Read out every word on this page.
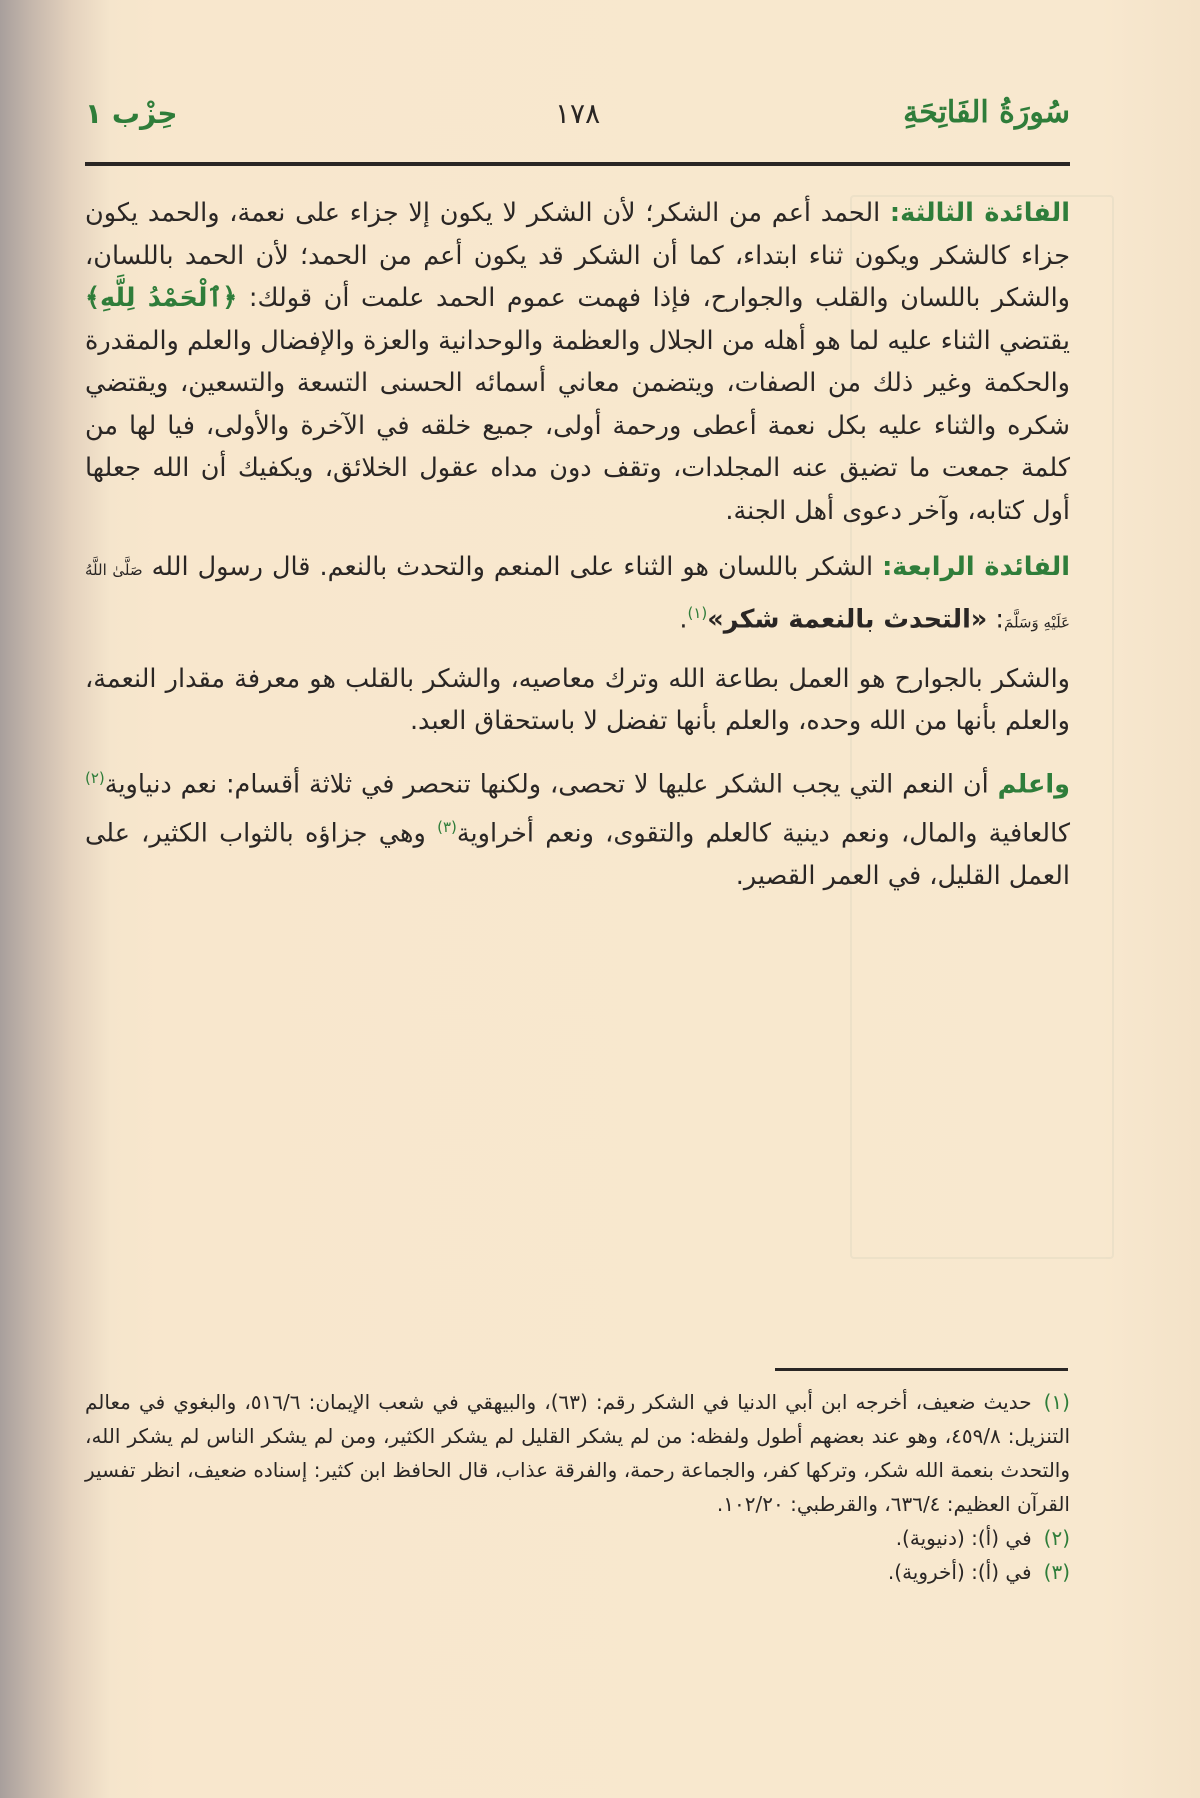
سُورَةُ الفَاتِحَةِ
١٧٨
حِزْب ١

الفائدة الثالثة: الحمد أعم من الشكر؛ لأن الشكر لا يكون إلا جزاء على نعمة، والحمد يكون جزاء كالشكر ويكون ثناء ابتداء، كما أن الشكر قد يكون أعم من الحمد؛ لأن الحمد باللسان، والشكر باللسان والقلب والجوارح، فإذا فهمت عموم الحمد علمت أن قولك: ﴿ٱلْحَمْدُ لِلَّهِ﴾ يقتضي الثناء عليه لما هو أهله من الجلال والعظمة والوحدانية والعزة والإفضال والعلم والمقدرة والحكمة وغير ذلك من الصفات، ويتضمن معاني أسمائه الحسنى التسعة والتسعين، ويقتضي شكره والثناء عليه بكل نعمة أعطى ورحمة أولى، جميع خلقه في الآخرة والأولى، فيا لها من كلمة جمعت ما تضيق عنه المجلدات، وتقف دون مداه عقول الخلائق، ويكفيك أن الله جعلها أول كتابه، وآخر دعوى أهل الجنة.

الفائدة الرابعة: الشكر باللسان هو الثناء على المنعم والتحدث بالنعم. قال رسول الله صَلَّىٰ اللَّهُ عَلَيْهِ وَسَلَّمَ: «التحدث بالنعمة شكر»$^{(١)}$.

والشكر بالجوارح هو العمل بطاعة الله وترك معاصيه، والشكر بالقلب هو معرفة مقدار النعمة، والعلم بأنها من الله وحده، والعلم بأنها تفضل لا باستحقاق العبد.

واعلم أن النعم التي يجب الشكر عليها لا تحصى، ولكنها تنحصر في ثلاثة أقسام: نعم دنياوية$^{(٢)}$ كالعافية والمال، ونعم دينية كالعلم والتقوى، ونعم أخراوية$^{(٣)}$ وهي جزاؤه بالثواب الكثير، على العمل القليل، في العمر القصير.

(١)حديث ضعيف، أخرجه ابن أبي الدنيا في الشكر رقم: (٦٣)، والبيهقي في شعب الإيمان: ٥١٦/٦، والبغوي في معالم التنزيل: ٤٥٩/٨، وهو عند بعضهم أطول ولفظه: من لم يشكر القليل لم يشكر الكثير، ومن لم يشكر الناس لم يشكر الله، والتحدث بنعمة الله شكر، وتركها كفر، والجماعة رحمة، والفرقة عذاب، قال الحافظ ابن كثير: إسناده ضعيف، انظر تفسير القرآن العظيم: ٦٣٦/٤، والقرطبي: ١٠٢/٢٠.

(٢)في (أ): (دنيوية).

(٣)في (أ): (أخروية).
